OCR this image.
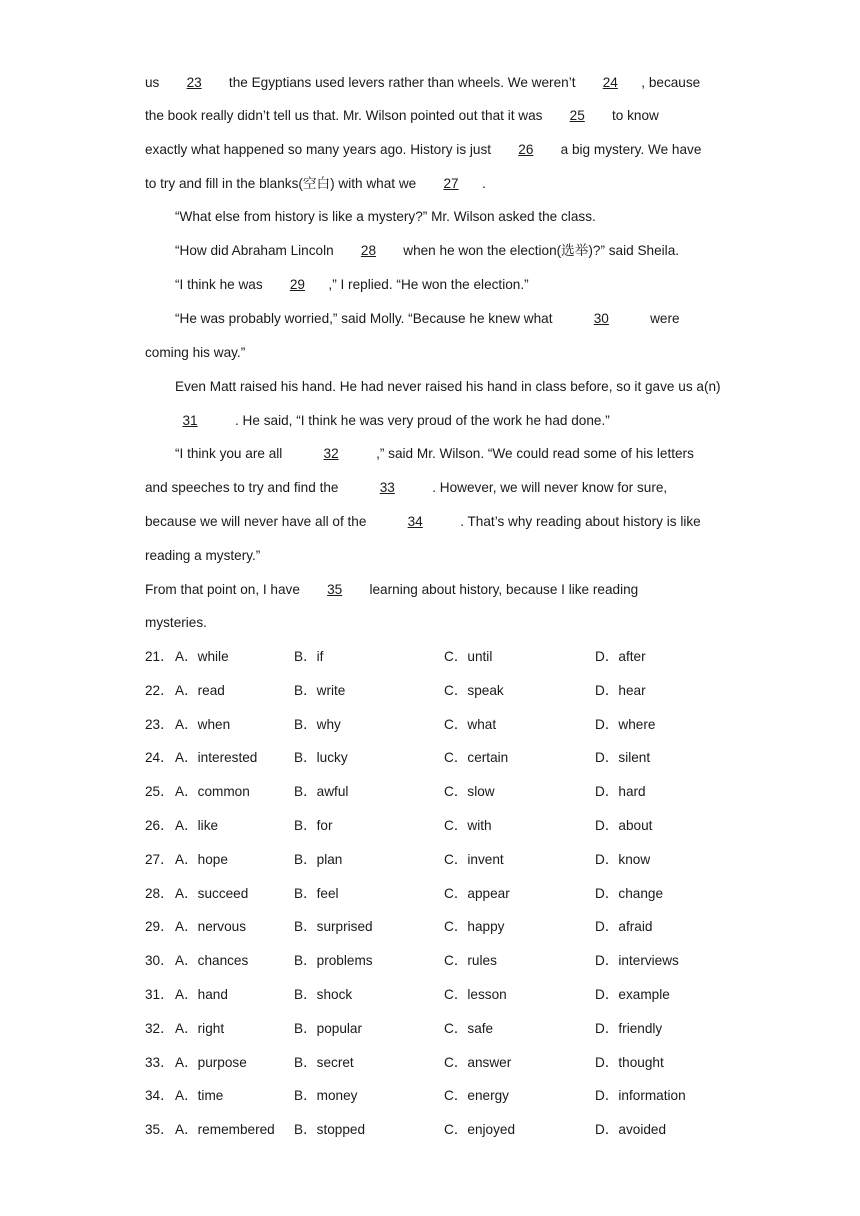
us 23 the Egyptians used levers rather than wheels. We weren’t 24 , because
the book really didn’t tell us that. Mr. Wilson pointed out that it was 25 to know
exactly what happened so many years ago. History is just 26 a big mystery. We have
to try and fill in the blanks(空白) with what we 27 .
“What else from history is like a mystery?” Mr. Wilson asked the class.
“How did Abraham Lincoln 28 when he won the election(选举)?” said Sheila.
“I think he was 29 ,” I replied. “He won the election.”
“He was probably worried,” said Molly. “Because he knew what	30	were
coming his way.”
Even Matt raised his hand. He had never raised his hand in class before, so it gave us a(n)
31	. He said, “I think he was very proud of the work he had done.”
“I think you are all	32	,” said Mr. Wilson. “We could read some of his letters
and speeches to try and find the	33	. However, we will never know for sure,
because we will never have all of the	34	. That’s why reading about history is like
reading a mystery.”
From that point on, I have 35 learning about history, because I like reading
mysteries.
21． A．while	B．if	C．until	D．after
22． A．read	B．write	C．speak	D．hear
23． A．when	B．why	C．what	D．where
24． A．interested	B．lucky	C．certain	D．silent
25． A．common	B．awful	C．slow	D．hard
26． A．like	B．for	C．with	D．about
27． A．hope	B．plan	C．invent	D．know
28． A．succeed	B．feel	C．appear	D．change
29． A．nervous	B．surprised	C．happy	D．afraid
30． A．chances	B．problems	C．rules	D．interviews
31． A．hand	B．shock	C．lesson	D．example
32． A．right	B．popular	C．safe	D．friendly
33． A．purpose	B．secret	C．answer	D．thought
34． A．time	B．money	C．energy	D．information
35． A．remembered B．stopped	C．enjoyed	D．avoided
